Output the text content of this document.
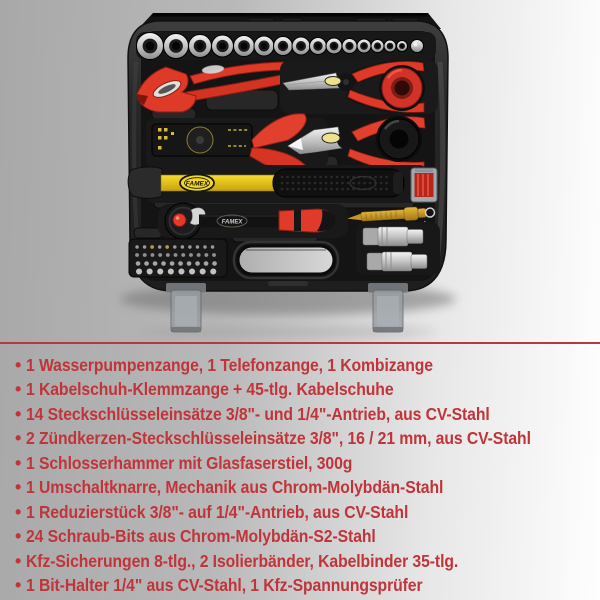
FAMEX
FAMEX
• 1 Wasserpumpenzange, 1 Telefonzange, 1 Kombizange
• 1 Kabelschuh-Klemmzange + 45-tlg. Kabelschuhe
• 14 Steckschlüsseleinsätze 3/8"- und 1/4"-Antrieb, aus CV-Stahl
• 2 Zündkerzen-Steckschlüsseleinsätze 3/8", 16 / 21 mm, aus CV-Stahl
• 1 Schlosserhammer mit Glasfaserstiel, 300g
• 1 Umschaltknarre, Mechanik aus Chrom-Molybdän-Stahl
• 1 Reduzierstück 3/8"- auf 1/4"-Antrieb, aus CV-Stahl
• 24 Schraub-Bits aus Chrom-Molybdän-S2-Stahl
• Kfz-Sicherungen 8-tlg., 2 Isolierbänder, Kabelbinder 35-tlg.
• 1 Bit-Halter 1/4" aus CV-Stahl, 1 Kfz-Spannungsprüfer
